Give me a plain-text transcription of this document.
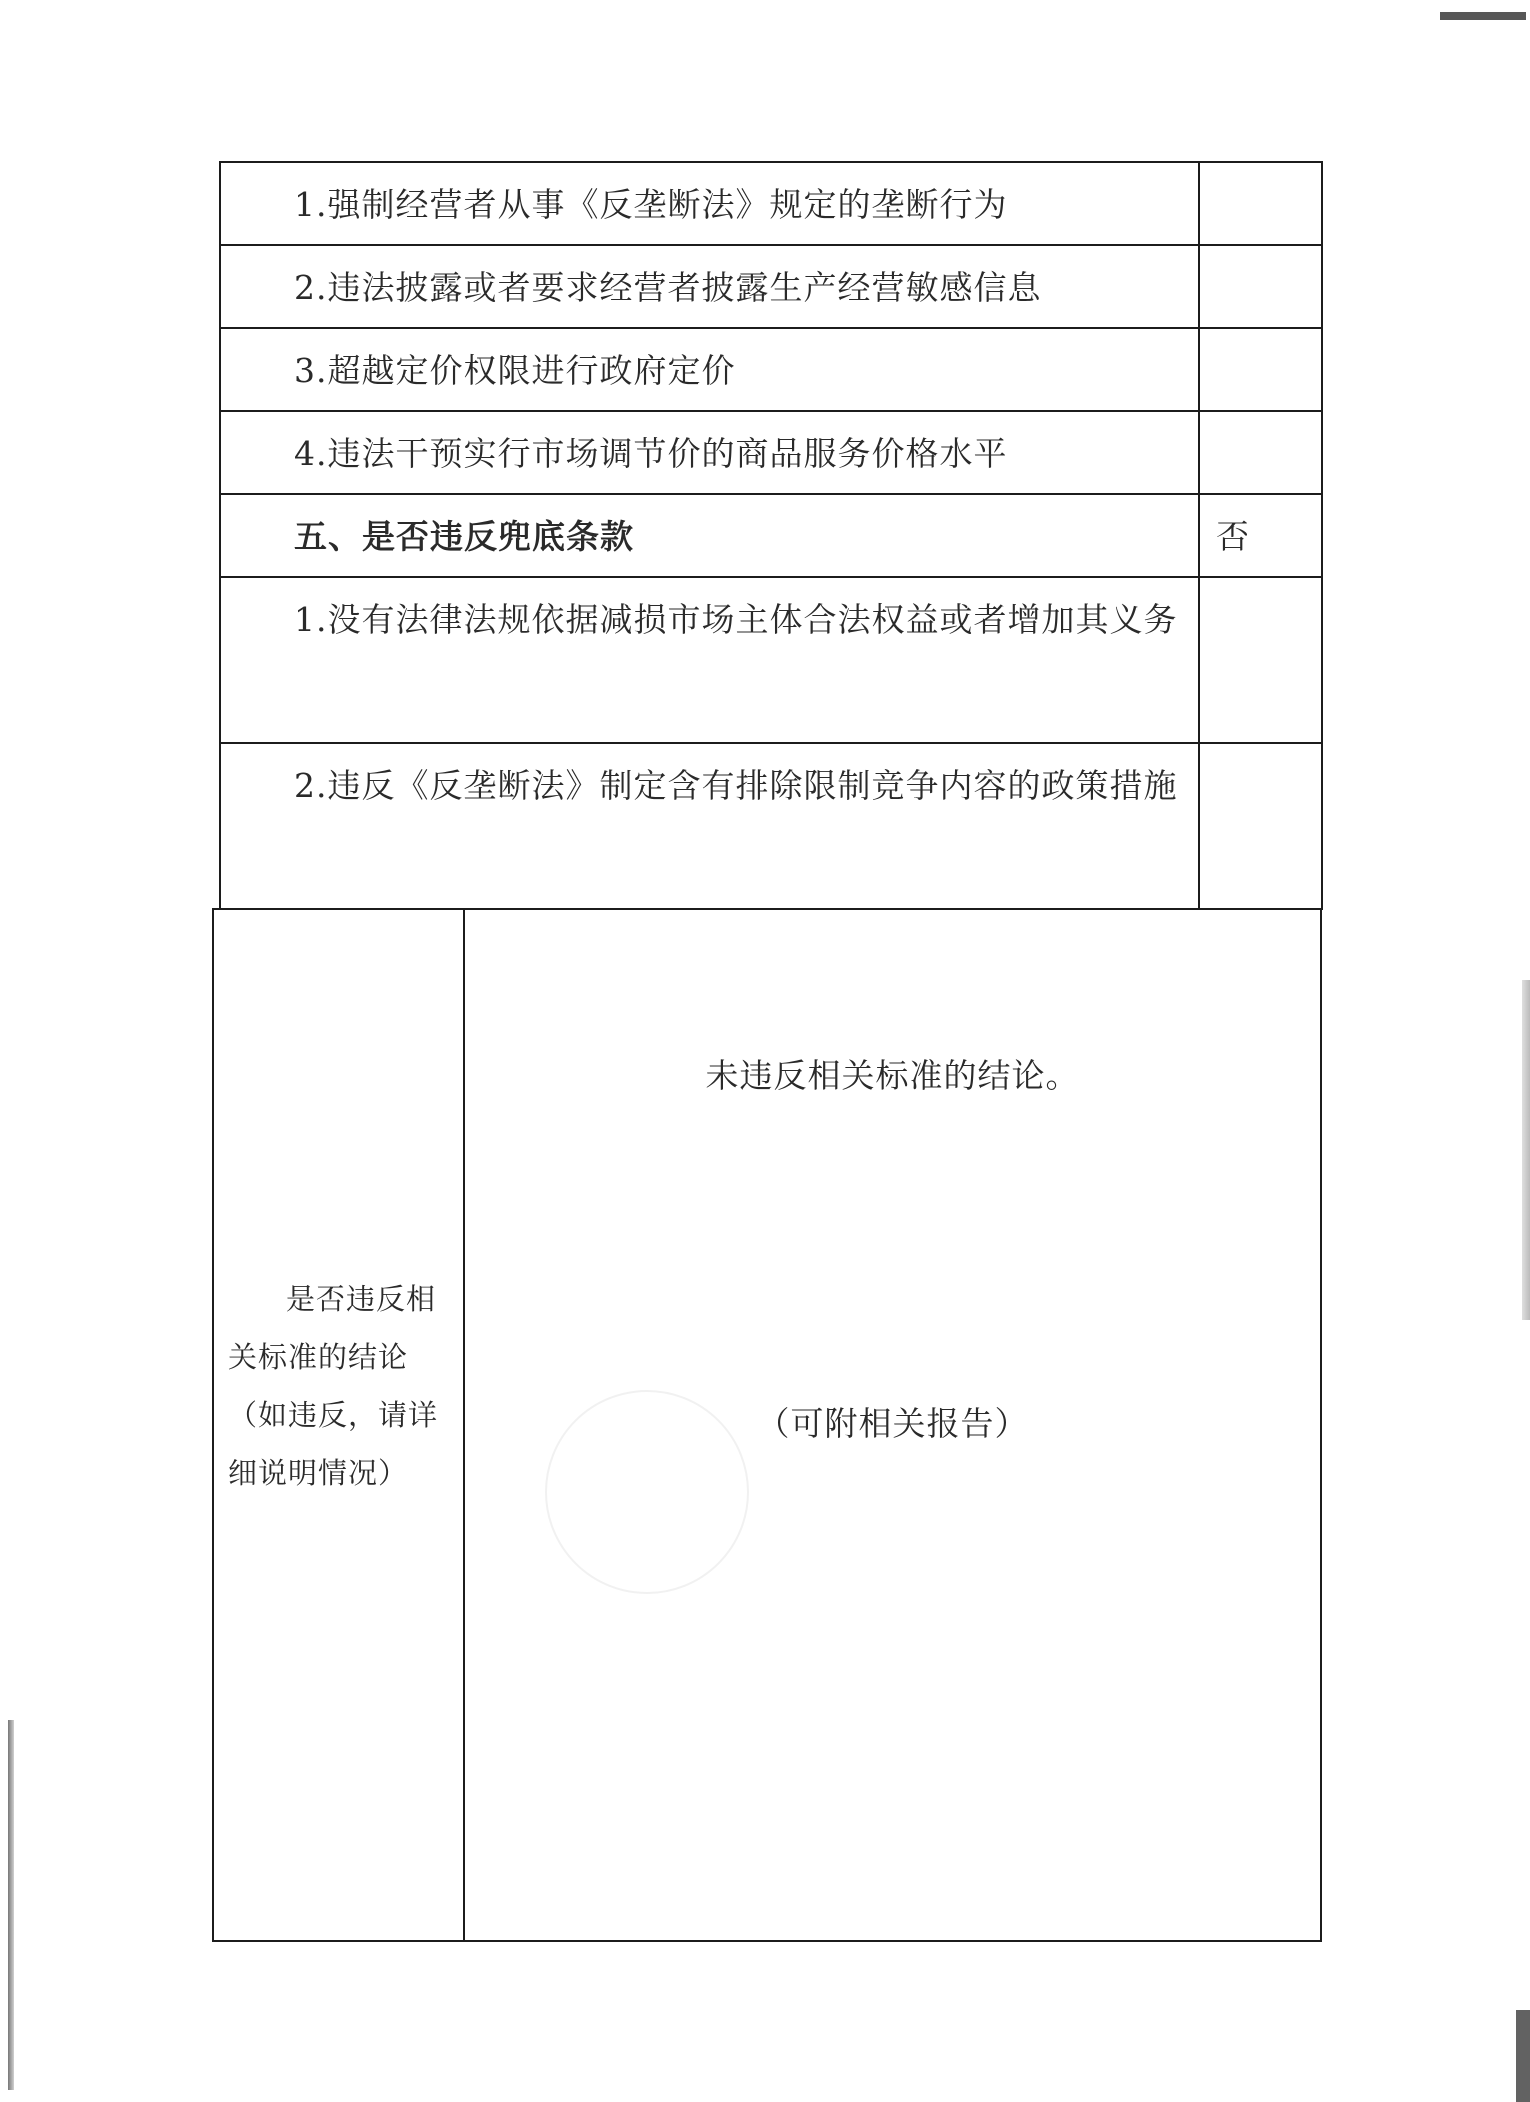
1.强制经营者从事《反垄断法》规定的垄断行为
2.违法披露或者要求经营者披露生产经营敏感信息
3.超越定价权限进行政府定价
4.违法干预实行市场调节价的商品服务价格水平
五、是否违反兜底条款	否
1.没有法律法规依据减损市场主体合法权益或者增加其义务
2.违反《反垄断法》制定含有排除限制竞争内容的政策措施
是否违反相关标准的结论（如违反，请详细说明情况）
未违反相关标准的结论。
（可附相关报告）
